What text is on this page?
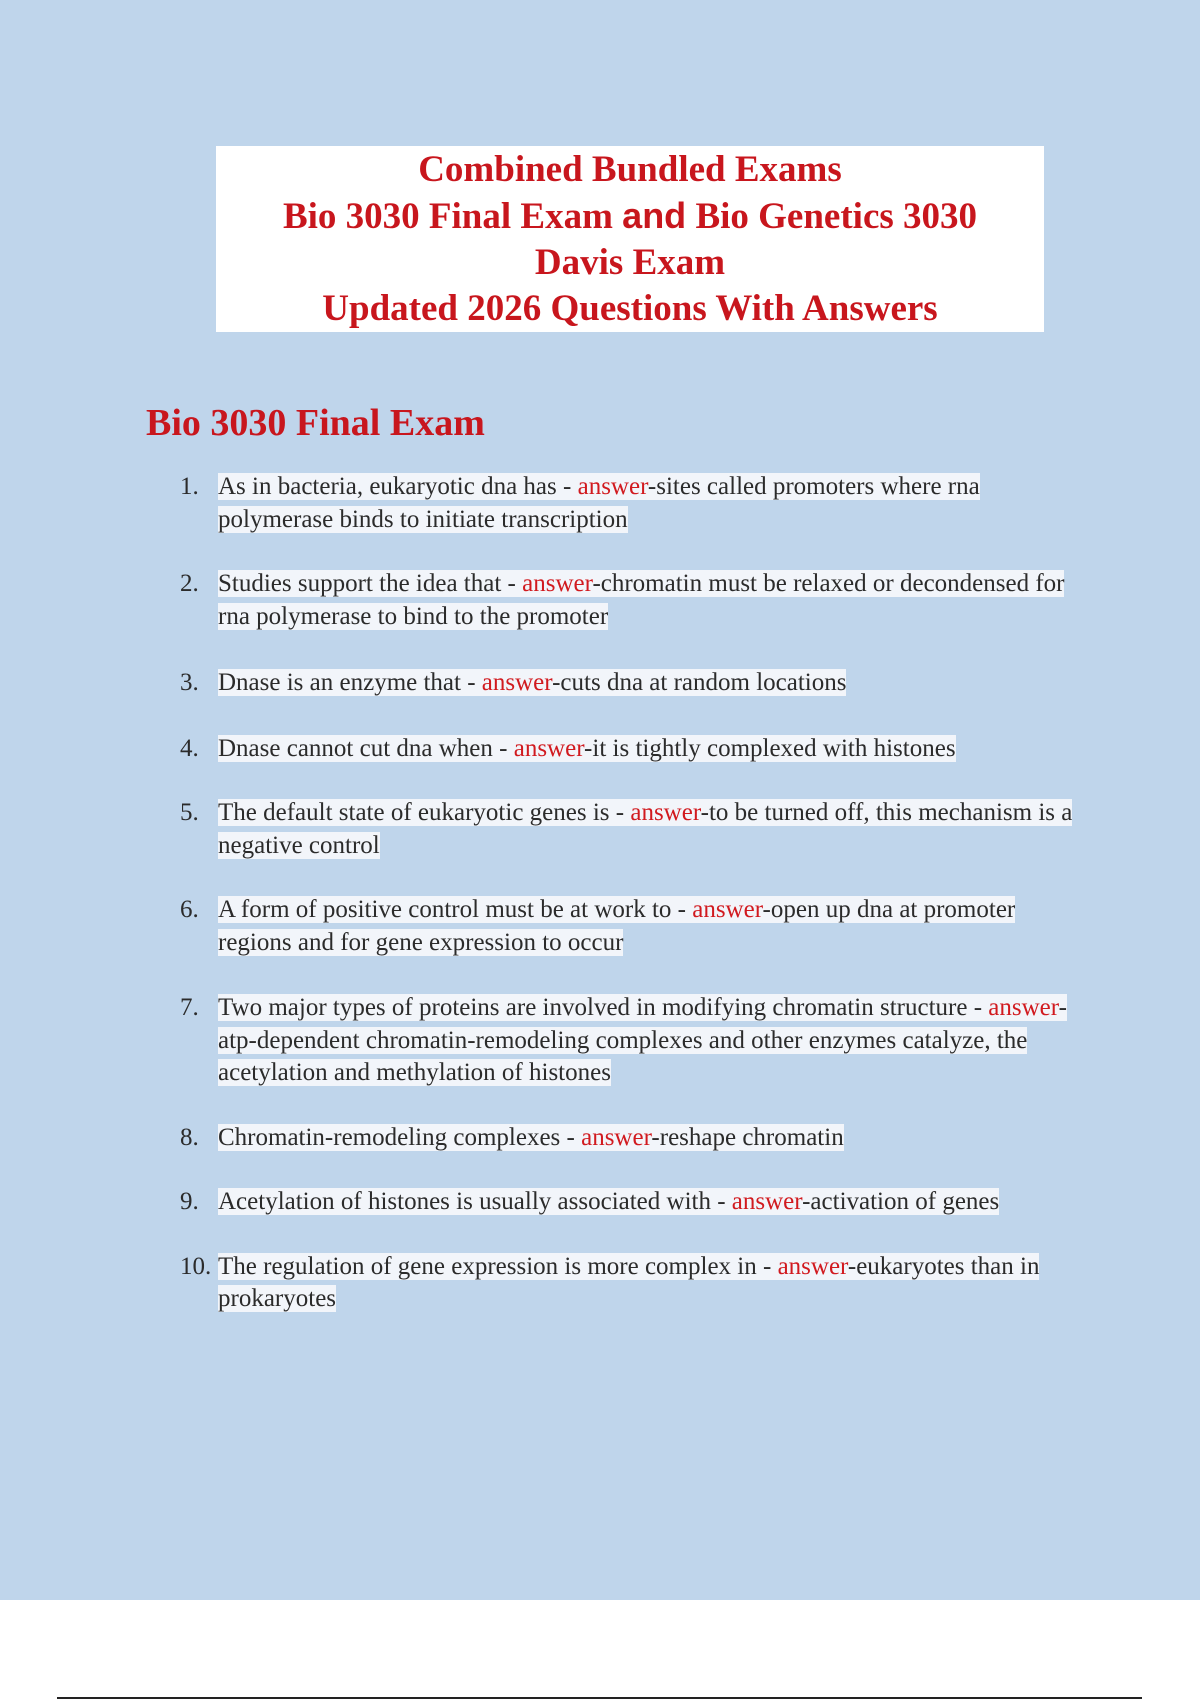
Combined Bundled Exams
Bio 3030 Final Exam and Bio Genetics 3030
Davis Exam
Updated 2026 Questions With Answers
Bio 3030 Final Exam
1. As in bacteria, eukaryotic dna has - answer-sites called promoters where rna polymerase binds to initiate transcription
2. Studies support the idea that - answer-chromatin must be relaxed or decondensed for rna polymerase to bind to the promoter
3. Dnase is an enzyme that - answer-cuts dna at random locations
4. Dnase cannot cut dna when - answer-it is tightly complexed with histones
5. The default state of eukaryotic genes is - answer-to be turned off, this mechanism is a negative control
6. A form of positive control must be at work to - answer-open up dna at promoter regions and for gene expression to occur
7. Two major types of proteins are involved in modifying chromatin structure - answer-atp-dependent chromatin-remodeling complexes and other enzymes catalyze, the acetylation and methylation of histones
8. Chromatin-remodeling complexes - answer-reshape chromatin
9. Acetylation of histones is usually associated with - answer-activation of genes
10. The regulation of gene expression is more complex in - answer-eukaryotes than in prokaryotes
